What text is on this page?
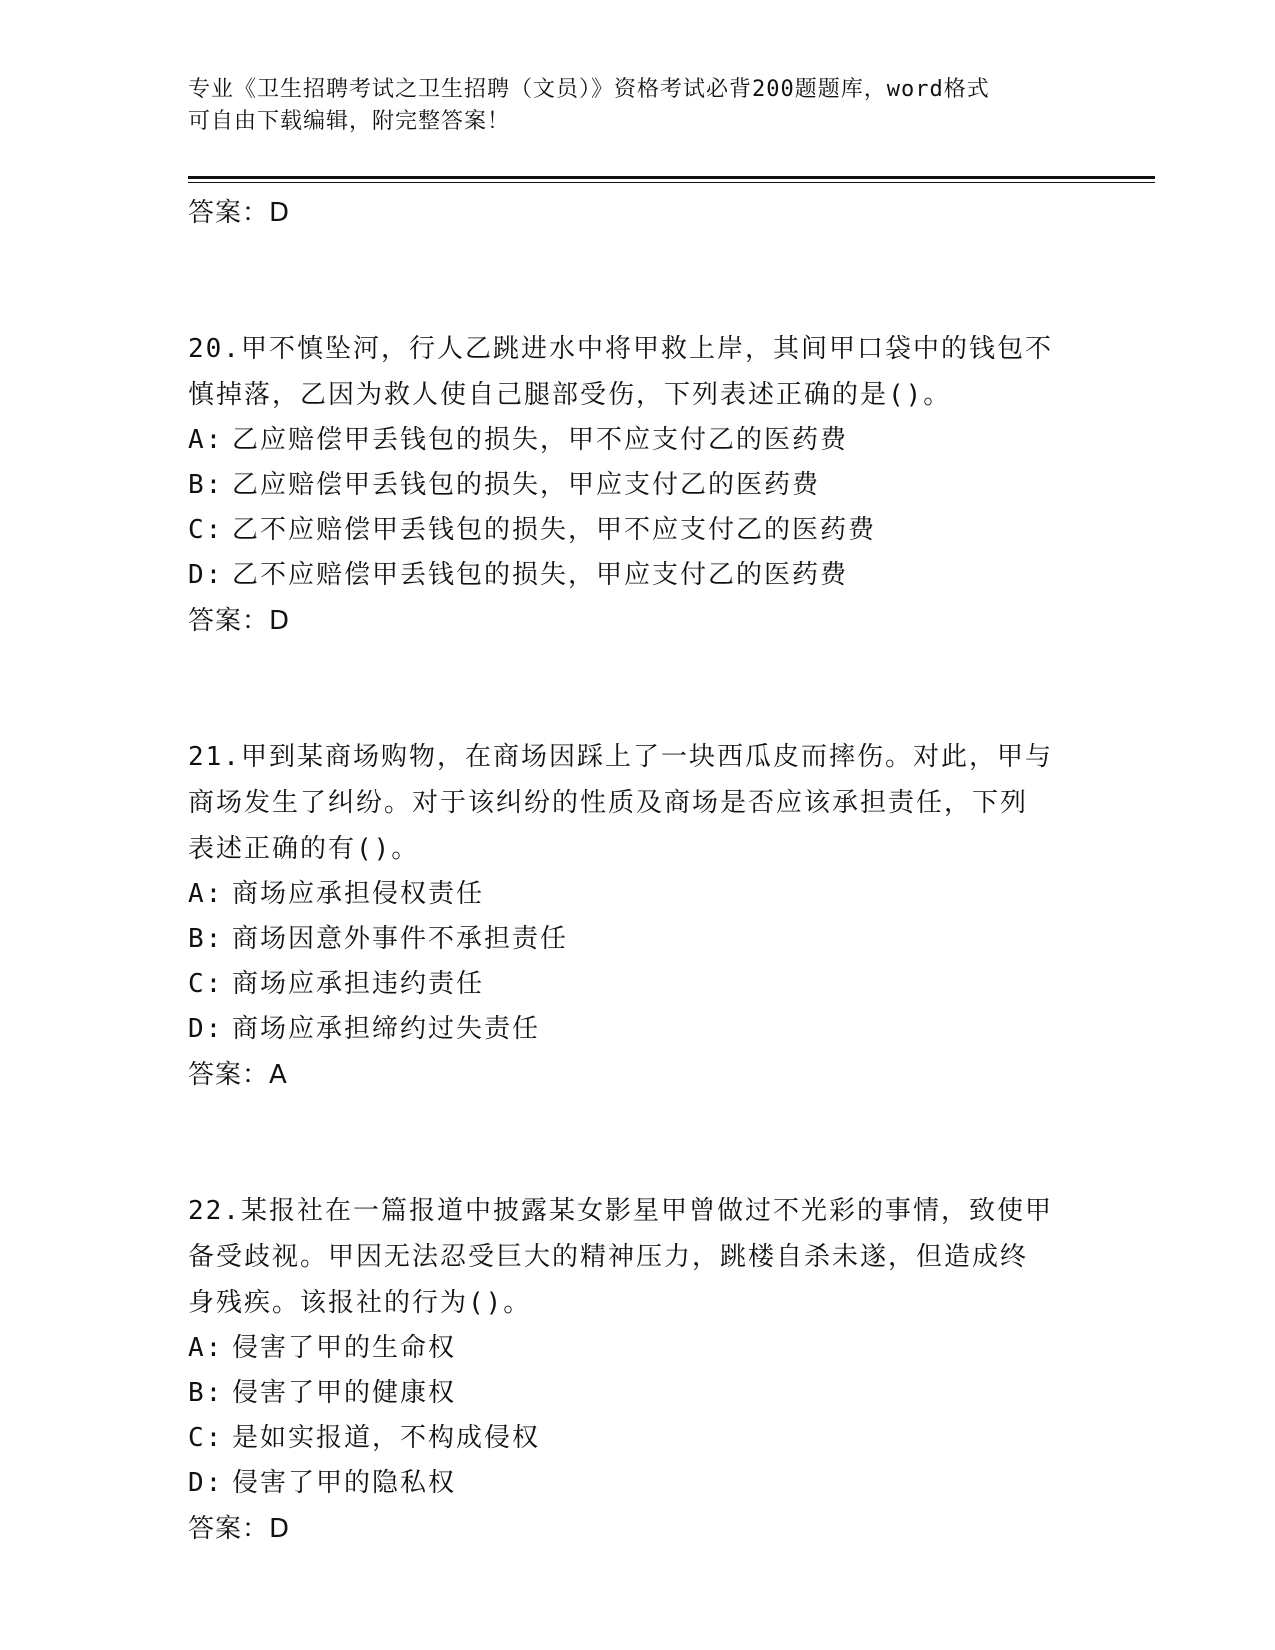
专业《卫生招聘考试之卫生招聘（文员）》资格考试必背200题题库，word格式
可自由下载编辑，附完整答案！
答案：D
20.甲不慎坠河，行人乙跳进水中将甲救上岸，其间甲口袋中的钱包不
慎掉落，乙因为救人使自己腿部受伤，下列表述正确的是()。
A: 乙应赔偿甲丢钱包的损失，甲不应支付乙的医药费
B: 乙应赔偿甲丢钱包的损失，甲应支付乙的医药费
C: 乙不应赔偿甲丢钱包的损失，甲不应支付乙的医药费
D: 乙不应赔偿甲丢钱包的损失，甲应支付乙的医药费
答案：D
21.甲到某商场购物，在商场因踩上了一块西瓜皮而摔伤。对此，甲与
商场发生了纠纷。对于该纠纷的性质及商场是否应该承担责任，下列
表述正确的有()。
A: 商场应承担侵权责任
B: 商场因意外事件不承担责任
C: 商场应承担违约责任
D: 商场应承担缔约过失责任
答案：A
22.某报社在一篇报道中披露某女影星甲曾做过不光彩的事情，致使甲
备受歧视。甲因无法忍受巨大的精神压力，跳楼自杀未遂，但造成终
身残疾。该报社的行为()。
A: 侵害了甲的生命权
B: 侵害了甲的健康权
C: 是如实报道，不构成侵权
D: 侵害了甲的隐私权
答案：D
